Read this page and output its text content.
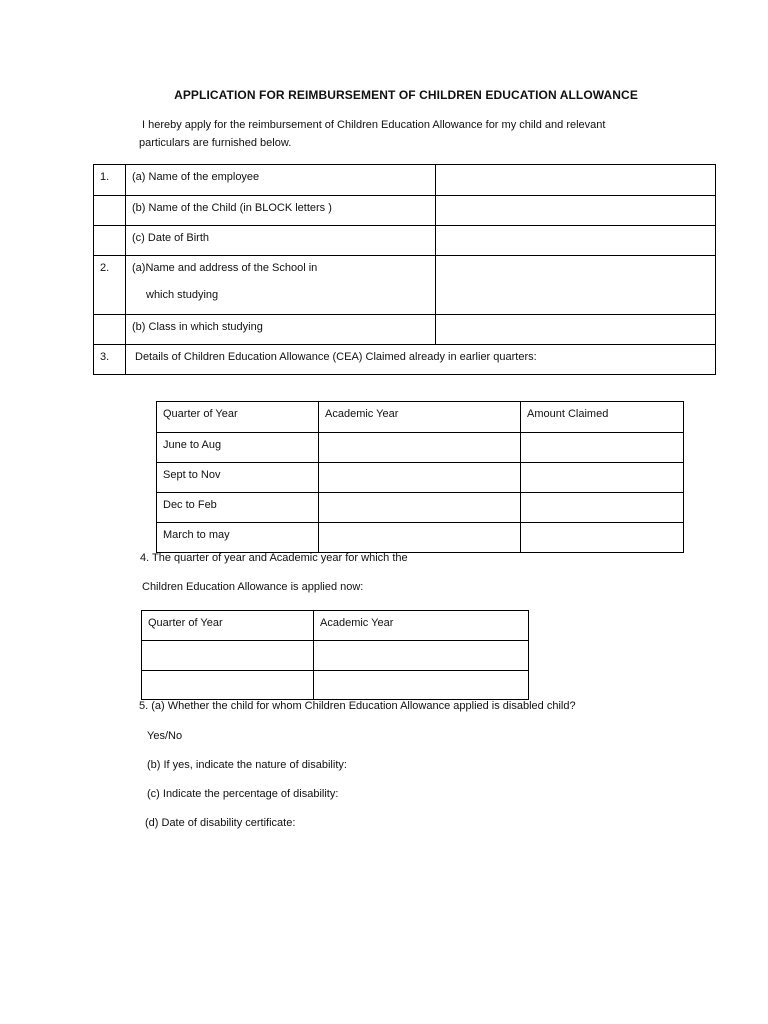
APPLICATION FOR REIMBURSEMENT OF CHILDREN EDUCATION ALLOWANCE
I hereby apply for the reimbursement of Children Education Allowance for my child and relevant
particulars are furnished below.
1.	(a) Name of the employee	
	(b) Name of the Child (in BLOCK letters )	
	(c) Date of Birth	
2.	(a)Name and address of the School in
which studying	

	(b) Class in which studying	
3.	Details of Children Education Allowance (CEA) Claimed already in earlier quarters:	
Quarter of Year	Academic Year	Amount Claimed
June to Aug		
Sept to Nov		
Dec to Feb		
March to may		
4. The quarter of year and Academic year for which the
Children Education Allowance is applied now:
Quarter of Year	Academic Year

5. (a) Whether the child for whom Children Education Allowance applied is disabled child?
Yes/No
(b) If yes, indicate the nature of disability:
(c) Indicate the percentage of disability:
(d) Date of disability certificate:
